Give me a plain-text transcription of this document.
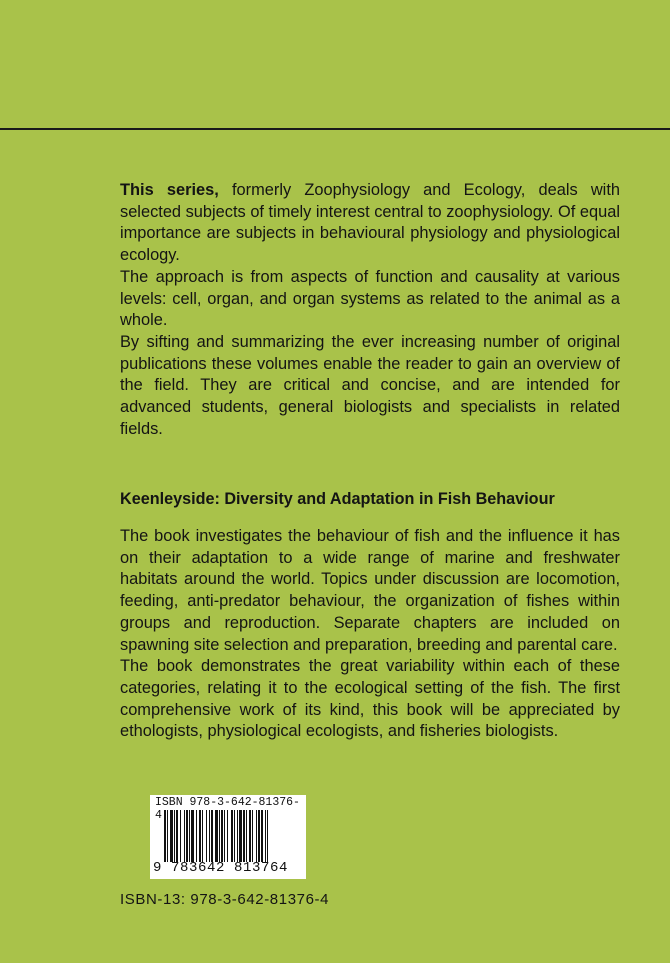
This series, formerly Zoophysiology and Ecology, deals with selected subjects of timely interest central to zoophysiology. Of equal importance are subjects in behavioural physiology and physiological ecology.

The approach is from aspects of function and causality at various levels: cell, organ, and organ systems as related to the animal as a whole.

By sifting and summarizing the ever increasing number of original publications these volumes enable the reader to gain an overview of the field. They are critical and concise, and are intended for advanced students, general biologists and specialists in related fields.

Keenleyside: Diversity and Adaptation in Fish Behaviour

The book investigates the behaviour of fish and the influence it has on their adaptation to a wide range of marine and freshwater habitats around the world. Topics under discussion are locomotion, feeding, anti-predator behaviour, the organization of fishes within groups and reproduction. Separate chapters are included on spawning site selection and preparation, breeding and parental care.

The book demonstrates the great variability within each of these categories, relating it to the ecological setting of the fish. The first comprehensive work of its kind, this book will be appreciated by ethologists, physiological ecologists, and fisheries biologists.

ISBN 978-3-642-81376-4
9 783642 813764
ISBN-13: 978-3-642-81376-4
